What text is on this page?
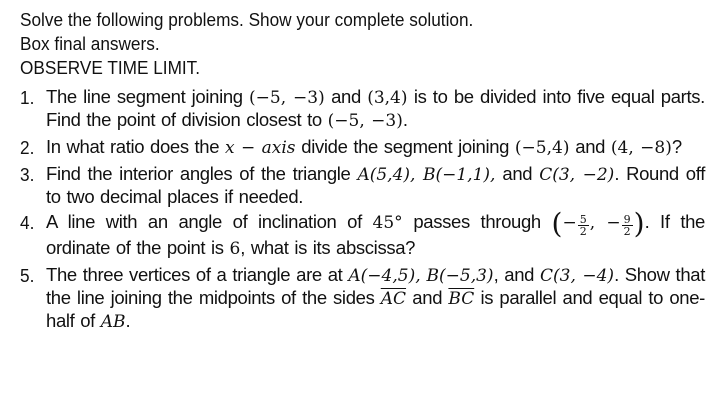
Solve the following problems. Show your complete solution.
Box final answers.
OBSERVE TIME LIMIT.
1. The line segment joining (−5, −3) and (3,4) is to be divided into five equal parts. Find the point of division closest to (−5, −3).
2. In what ratio does the x − axis divide the segment joining (−5,4) and (4, −8)?
3. Find the interior angles of the triangle A(5,4), B(−1,1), and C(3, −2). Round off to two decimal places if needed.
4. A line with an angle of inclination of 45° passes through (− $\frac{5}{2}$ , − $\frac{9}{2}$ ). If the ordinate of the point is 6, what is its abscissa?
5. The three vertices of a triangle are at A(−4,5), B(−5,3), and C(3, −4). Show that the line joining the midpoints of the sides $\overline{AC}$ and $\overline{BC}$ is parallel and equal to one-half of AB.
